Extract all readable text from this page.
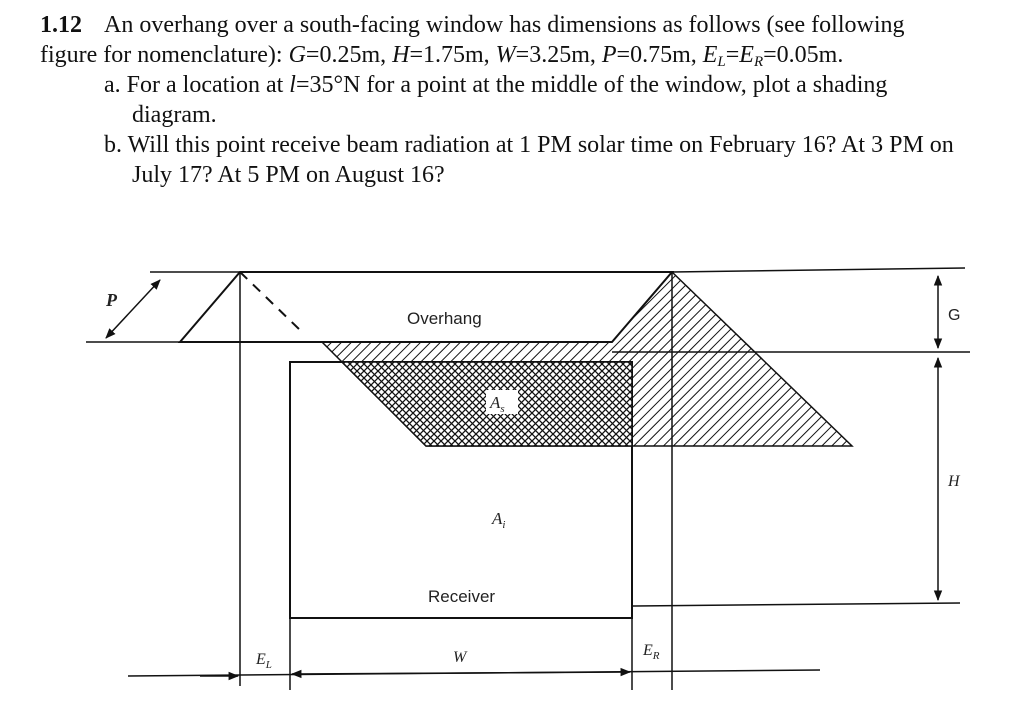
1.12 An overhang over a south-facing window has dimensions as follows (see following
figure for nomenclature): G=0.25m, H=1.75m, W=3.25m, P=0.75m, $E_L=E_R=0.05m$.
a. For a location at l=35°N for a point at the middle of the window, plot a shading
diagram.
b. Will this point receive beam radiation at 1 PM solar time on February 16? At 3 PM on
July 17? At 5 PM on August 16?
P
G
H
$E_L$	W	$E_R$
Overhang
$A_s$
$A_i$
Receiver
